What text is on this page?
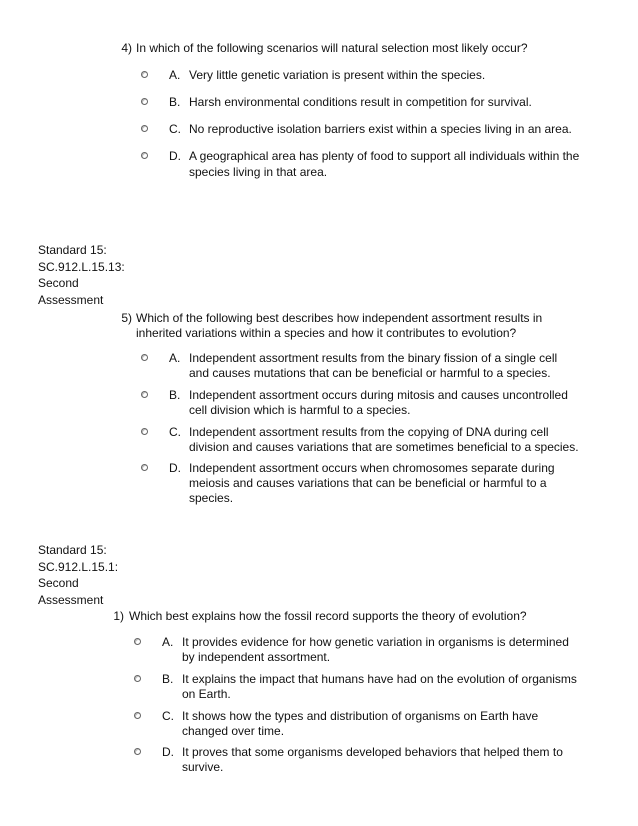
4) In which of the following scenarios will natural selection most likely occur?
A. Very little genetic variation is present within the species.
B. Harsh environmental conditions result in competition for survival.
C. No reproductive isolation barriers exist within a species living in an area.
D. A geographical area has plenty of food to support all individuals within the
species living in that area.
Standard 15:
SC.912.L.15.13:
Second
Assessment
5) Which of the following best describes how independent assortment results in
inherited variations within a species and how it contributes to evolution?
A. Independent assortment results from the binary fission of a single cell
and causes mutations that can be beneficial or harmful to a species.
B. Independent assortment occurs during mitosis and causes uncontrolled
cell division which is harmful to a species.
C. Independent assortment results from the copying of DNA during cell
division and causes variations that are sometimes beneficial to a species.
D. Independent assortment occurs when chromosomes separate during
meiosis and causes variations that can be beneficial or harmful to a
species.
Standard 15:
SC.912.L.15.1:
Second
Assessment
1) Which best explains how the fossil record supports the theory of evolution?
A. It provides evidence for how genetic variation in organisms is determined
by independent assortment.
B. It explains the impact that humans have had on the evolution of organisms
on Earth.
C. It shows how the types and distribution of organisms on Earth have
changed over time.
D. It proves that some organisms developed behaviors that helped them to
survive.
